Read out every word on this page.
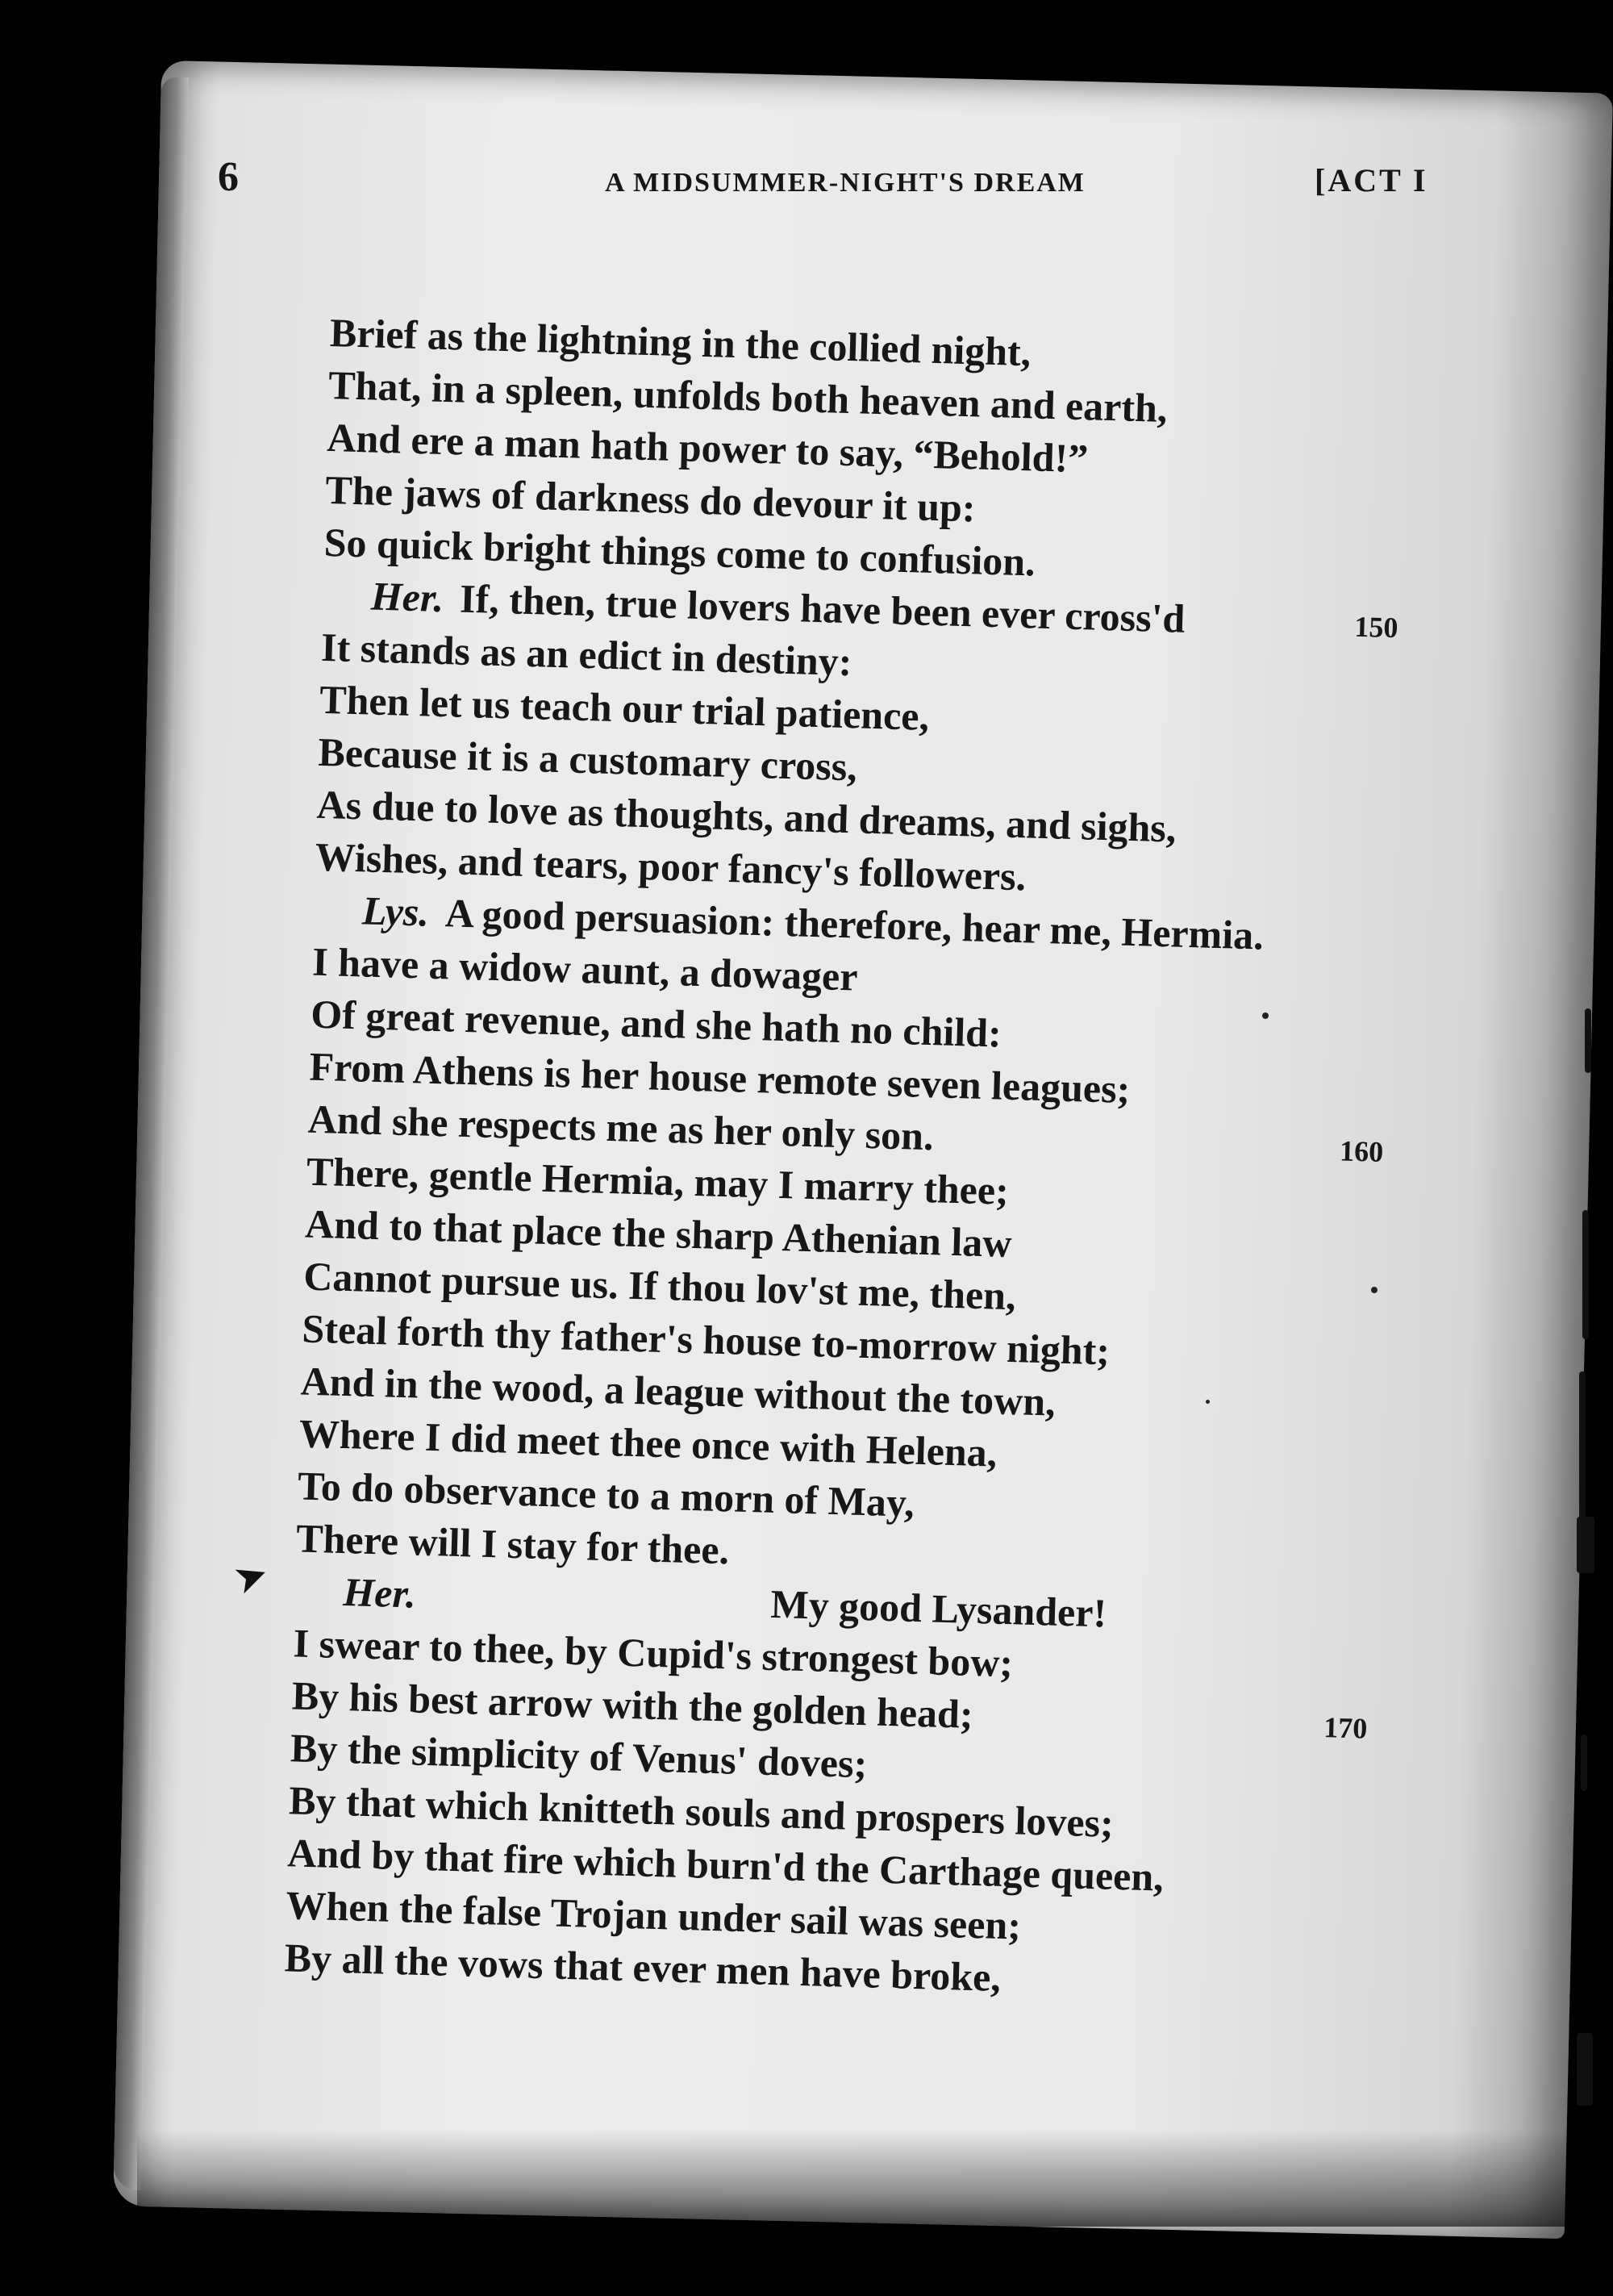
6	A MIDSUMMER-NIGHT'S DREAM	[ACT I
Brief as the lightning in the collied night,
That, in a spleen, unfolds both heaven and earth,
And ere a man hath power to say, “Behold!”
The jaws of darkness do devour it up:
So quick bright things come to confusion.
Her. If, then, true lovers have been ever cross'd	150
It stands as an edict in destiny:
Then let us teach our trial patience,
Because it is a customary cross,
As due to love as thoughts, and dreams, and sighs,
Wishes, and tears, poor fancy's followers.
Lys. A good persuasion: therefore, hear me, Hermia.
I have a widow aunt, a dowager
Of great revenue, and she hath no child:
From Athens is her house remote seven leagues;
And she respects me as her only son.	160
There, gentle Hermia, may I marry thee;
And to that place the sharp Athenian law
Cannot pursue us. If thou lov'st me, then,
Steal forth thy father's house to-morrow night;
And in the wood, a league without the town,
Where I did meet thee once with Helena,
To do observance to a morn of May,
There will I stay for thee.
Her.	My good Lysander!
I swear to thee, by Cupid's strongest bow;
By his best arrow with the golden head;	170
By the simplicity of Venus' doves;
By that which knitteth souls and prospers loves;
And by that fire which burn'd the Carthage queen,
When the false Trojan under sail was seen;
By all the vows that ever men have broke,
➤
